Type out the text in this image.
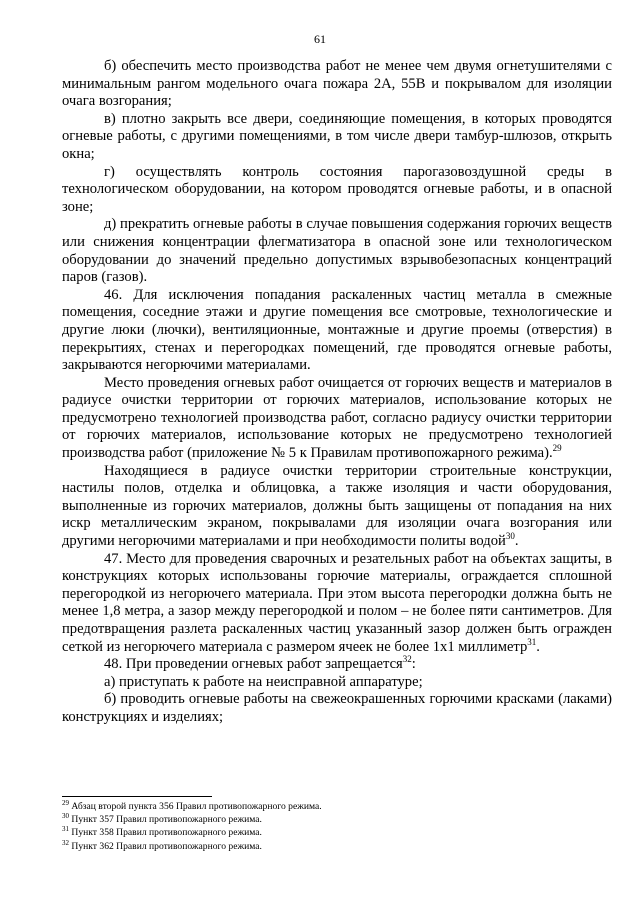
61

б) обеспечить место производства работ не менее чем двумя огнетушителями с минимальным рангом модельного очага пожара 2А, 55В и покрывалом для изоляции очага возгорания;

в) плотно закрыть все двери, соединяющие помещения, в которых проводятся огневые работы, с другими помещениями, в том числе двери тамбур-шлюзов, открыть окна;

г) осуществлять контроль состояния парогазовоздушной среды в технологическом оборудовании, на котором проводятся огневые работы, и в опасной зоне;

д) прекратить огневые работы в случае повышения содержания горючих веществ или снижения концентрации флегматизатора в опасной зоне или технологическом оборудовании до значений предельно допустимых взрывобезопасных концентраций паров (газов).

46. Для исключения попадания раскаленных частиц металла в смежные помещения, соседние этажи и другие помещения все смотровые, технологические и другие люки (лючки), вентиляционные, монтажные и другие проемы (отверстия) в перекрытиях, стенах и перегородках помещений, где проводятся огневые работы, закрываются негорючими материалами.

Место проведения огневых работ очищается от горючих веществ и материалов в радиусе очистки территории от горючих материалов, использование которых не предусмотрено технологией производства работ, согласно радиусу очистки территории от горючих материалов, использование которых не предусмотрено технологией производства работ (приложение № 5 к Правилам противопожарного режима).$^{29}$

Находящиеся в радиусе очистки территории строительные конструкции, настилы полов, отделка и облицовка, а также изоляция и части оборудования, выполненные из горючих материалов, должны быть защищены от попадания на них искр металлическим экраном, покрывалами для изоляции очага возгорания или другими негорючими материалами и при необходимости политы водой$^{30}$.

47. Место для проведения сварочных и резательных работ на объектах защиты, в конструкциях которых использованы горючие материалы, ограждается сплошной перегородкой из негорючего материала. При этом высота перегородки должна быть не менее 1,8 метра, а зазор между перегородкой и полом – не более пяти сантиметров. Для предотвращения разлета раскаленных частиц указанный зазор должен быть огражден сеткой из негорючего материала с размером ячеек не более 1х1 миллиметр$^{31}$.

48. При проведении огневых работ запрещается$^{32}$:

а) приступать к работе на неисправной аппаратуре;

б) проводить огневые работы на свежеокрашенных горючими красками (лаками) конструкциях и изделиях;

$^{29}$ Абзац второй пункта 356 Правил противопожарного режима.
$^{30}$ Пункт 357 Правил противопожарного режима.
$^{31}$ Пункт 358 Правил противопожарного режима.
$^{32}$ Пункт 362 Правил противопожарного режима.
